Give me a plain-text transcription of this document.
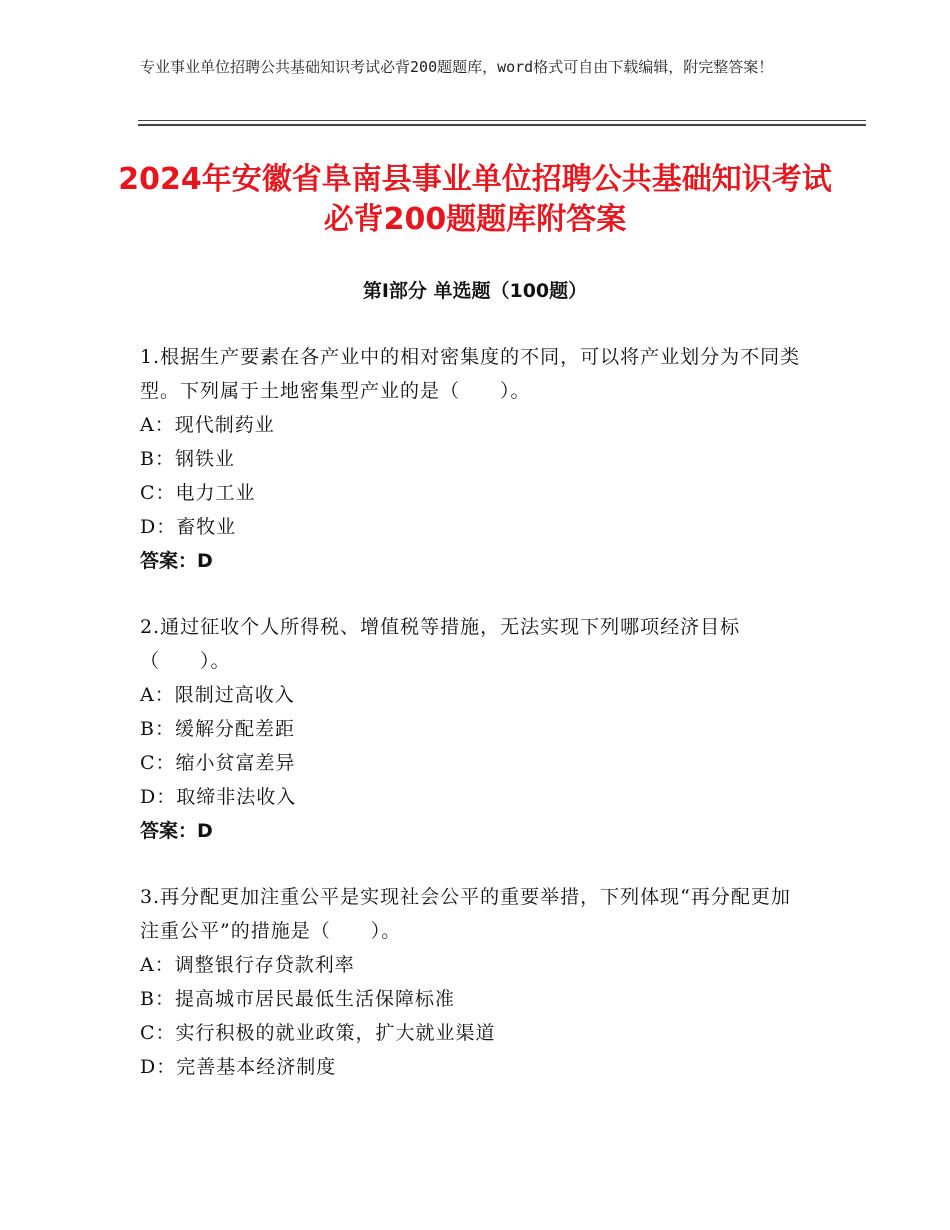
专业事业单位招聘公共基础知识考试必背200题题库，word格式可自由下载编辑，附完整答案！
2024年安徽省阜南县事业单位招聘公共基础知识考试必背200题题库附答案
第Ⅰ部分 单选题（100题）
1.根据生产要素在各产业中的相对密集度的不同，可以将产业划分为不同类型。下列属于土地密集型产业的是（　　）。
A：现代制药业
B：钢铁业
C：电力工业
D：畜牧业
答案：D
2.通过征收个人所得税、增值税等措施，无法实现下列哪项经济目标（　　）。
A：限制过高收入
B：缓解分配差距
C：缩小贫富差异
D：取缔非法收入
答案：D
3.再分配更加注重公平是实现社会公平的重要举措，下列体现“再分配更加注重公平”的措施是（　　）。
A：调整银行存贷款利率
B：提高城市居民最低生活保障标准
C：实行积极的就业政策，扩大就业渠道
D：完善基本经济制度
